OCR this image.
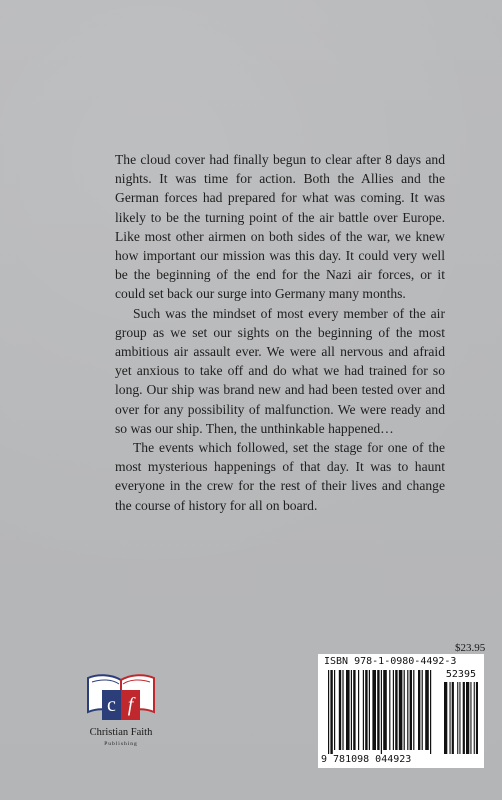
The cloud cover had finally begun to clear after 8 days and nights. It was time for action. Both the Allies and the German forces had prepared for what was coming. It was likely to be the turning point of the air battle over Europe. Like most other airmen on both sides of the war, we knew how important our mission was this day. It could very well be the beginning of the end for the Nazi air forces, or it could set back our surge into Germany many months.

Such was the mindset of most every member of the air group as we set our sights on the beginning of the most ambitious air assault ever. We were all nervous and afraid yet anxious to take off and do what we had trained for so long. Our ship was brand new and had been tested over and over for any possibility of malfunction. We were ready and so was our ship. Then, the unthinkable happened…

The events which followed, set the stage for one of the most mysterious happenings of that day. It was to haunt everyone in the crew for the rest of their lives and change the course of history for all on board.

c f
Christian Faith
Publishing
$23.95
ISBN 978-1-0980-4492-3
52395
9 781098 044923
